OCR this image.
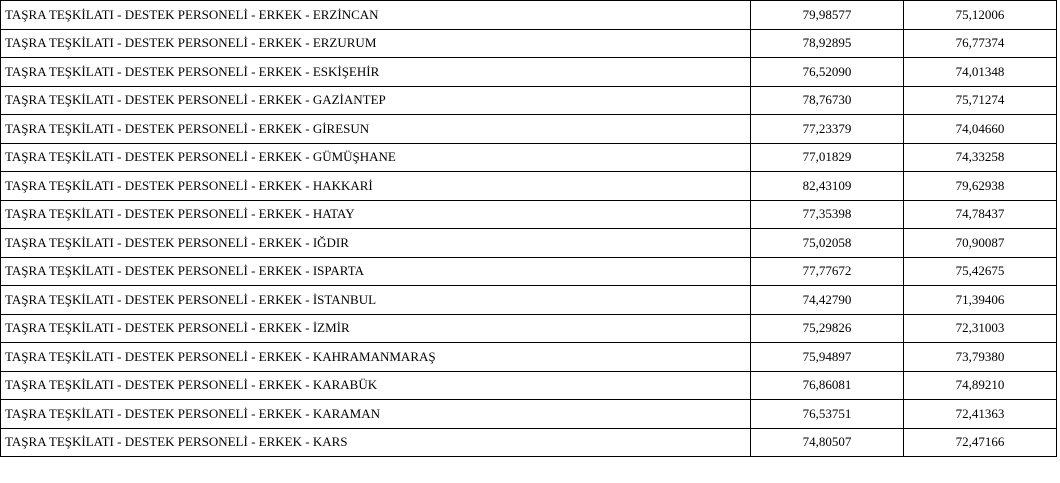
TAŞRA TEŞKİLATI - DESTEK PERSONELİ - ERKEK - ERZİNCAN	79,98577	75,12006
TAŞRA TEŞKİLATI - DESTEK PERSONELİ - ERKEK - ERZURUM	78,92895	76,77374
TAŞRA TEŞKİLATI - DESTEK PERSONELİ - ERKEK - ESKİŞEHİR	76,52090	74,01348
TAŞRA TEŞKİLATI - DESTEK PERSONELİ - ERKEK - GAZİANTEP	78,76730	75,71274
TAŞRA TEŞKİLATI - DESTEK PERSONELİ - ERKEK - GİRESUN	77,23379	74,04660
TAŞRA TEŞKİLATI - DESTEK PERSONELİ - ERKEK - GÜMÜŞHANE	77,01829	74,33258
TAŞRA TEŞKİLATI - DESTEK PERSONELİ - ERKEK - HAKKARİ	82,43109	79,62938
TAŞRA TEŞKİLATI - DESTEK PERSONELİ - ERKEK - HATAY	77,35398	74,78437
TAŞRA TEŞKİLATI - DESTEK PERSONELİ - ERKEK - IĞDIR	75,02058	70,90087
TAŞRA TEŞKİLATI - DESTEK PERSONELİ - ERKEK - ISPARTA	77,77672	75,42675
TAŞRA TEŞKİLATI - DESTEK PERSONELİ - ERKEK - İSTANBUL	74,42790	71,39406
TAŞRA TEŞKİLATI - DESTEK PERSONELİ - ERKEK - İZMİR	75,29826	72,31003
TAŞRA TEŞKİLATI - DESTEK PERSONELİ - ERKEK - KAHRAMANMARAŞ	75,94897	73,79380
TAŞRA TEŞKİLATI - DESTEK PERSONELİ - ERKEK - KARABÜK	76,86081	74,89210
TAŞRA TEŞKİLATI - DESTEK PERSONELİ - ERKEK - KARAMAN	76,53751	72,41363
TAŞRA TEŞKİLATI - DESTEK PERSONELİ - ERKEK - KARS	74,80507	72,47166
